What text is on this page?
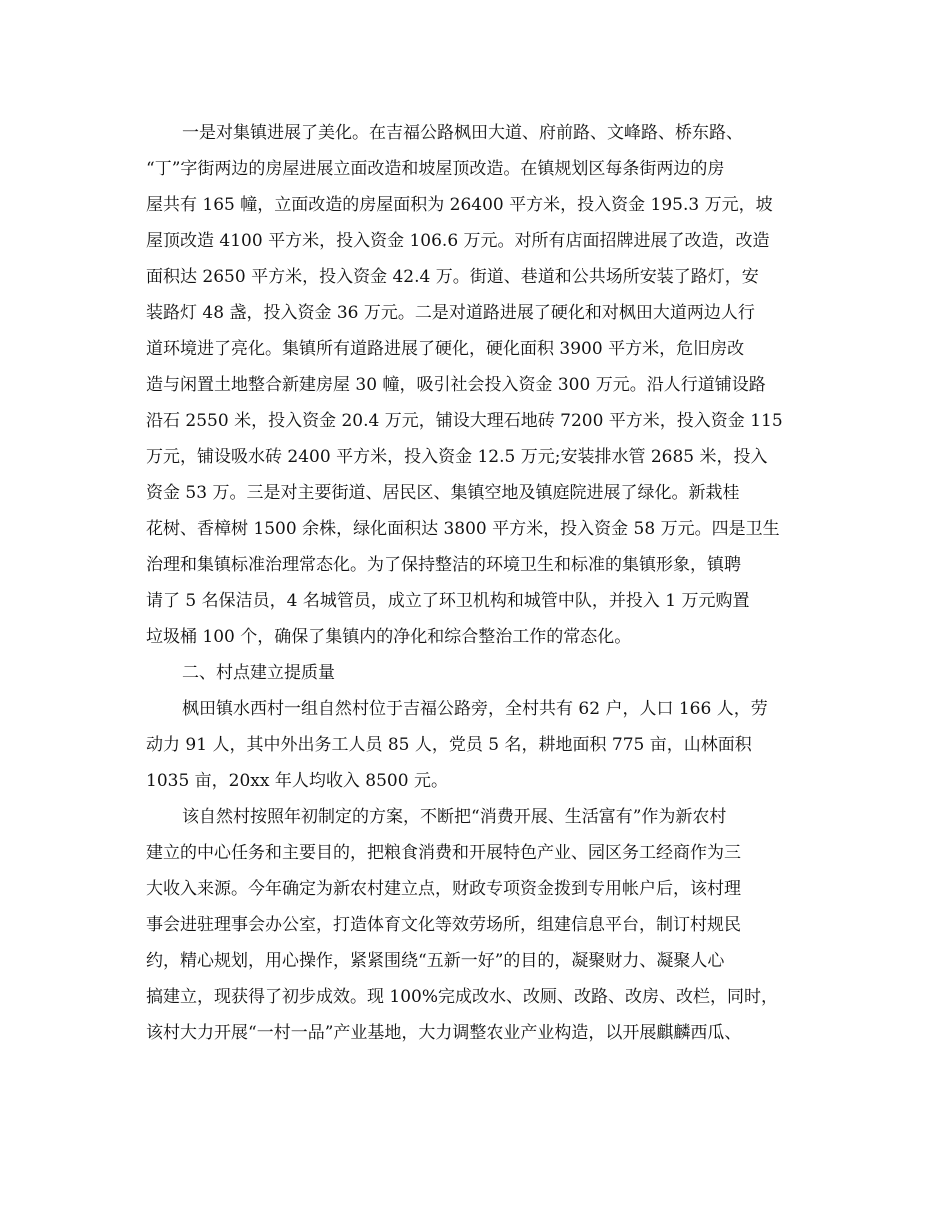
一是对集镇进展了美化。在吉福公路枫田大道、府前路、文峰路、桥东路、
“丁”字街两边的房屋进展立面改造和坡屋顶改造。在镇规划区每条街两边的房
屋共有 165 幢，立面改造的房屋面积为 26400 平方米，投入资金 195.3 万元，坡
屋顶改造 4100 平方米，投入资金 106.6 万元。对所有店面招牌进展了改造，改造
面积达 2650 平方米，投入资金 42.4 万。街道、巷道和公共场所安装了路灯，安
装路灯 48 盏，投入资金 36 万元。二是对道路进展了硬化和对枫田大道两边人行
道环境进了亮化。集镇所有道路进展了硬化，硬化面积 3900 平方米，危旧房改
造与闲置土地整合新建房屋 30 幢，吸引社会投入资金 300 万元。沿人行道铺设路
沿石 2550 米，投入资金 20.4 万元，铺设大理石地砖 7200 平方米，投入资金 115
万元，铺设吸水砖 2400 平方米，投入资金 12.5 万元;安装排水管 2685 米，投入
资金 53 万。三是对主要街道、居民区、集镇空地及镇庭院进展了绿化。新栽桂
花树、香樟树 1500 余株，绿化面积达 3800 平方米，投入资金 58 万元。四是卫生
治理和集镇标准治理常态化。为了保持整洁的环境卫生和标准的集镇形象，镇聘
请了 5 名保洁员，4 名城管员，成立了环卫机构和城管中队，并投入 1 万元购置
垃圾桶 100 个，确保了集镇内的净化和综合整治工作的常态化。
二、村点建立提质量
枫田镇水西村一组自然村位于吉福公路旁，全村共有 62 户，人口 166 人，劳
动力 91 人，其中外出务工人员 85 人，党员 5 名，耕地面积 775 亩，山林面积
1035 亩，20xx 年人均收入 8500 元。
该自然村按照年初制定的方案，不断把“消费开展、生活富有”作为新农村
建立的中心任务和主要目的，把粮食消费和开展特色产业、园区务工经商作为三
大收入来源。今年确定为新农村建立点，财政专项资金拨到专用帐户后，该村理
事会进驻理事会办公室，打造体育文化等效劳场所，组建信息平台，制订村规民
约，精心规划，用心操作，紧紧围绕“五新一好”的目的，凝聚财力、凝聚人心
搞建立，现获得了初步成效。现 100%完成改水、改厕、改路、改房、改栏，同时，
该村大力开展“一村一品”产业基地，大力调整农业产业构造，以开展麒麟西瓜、
